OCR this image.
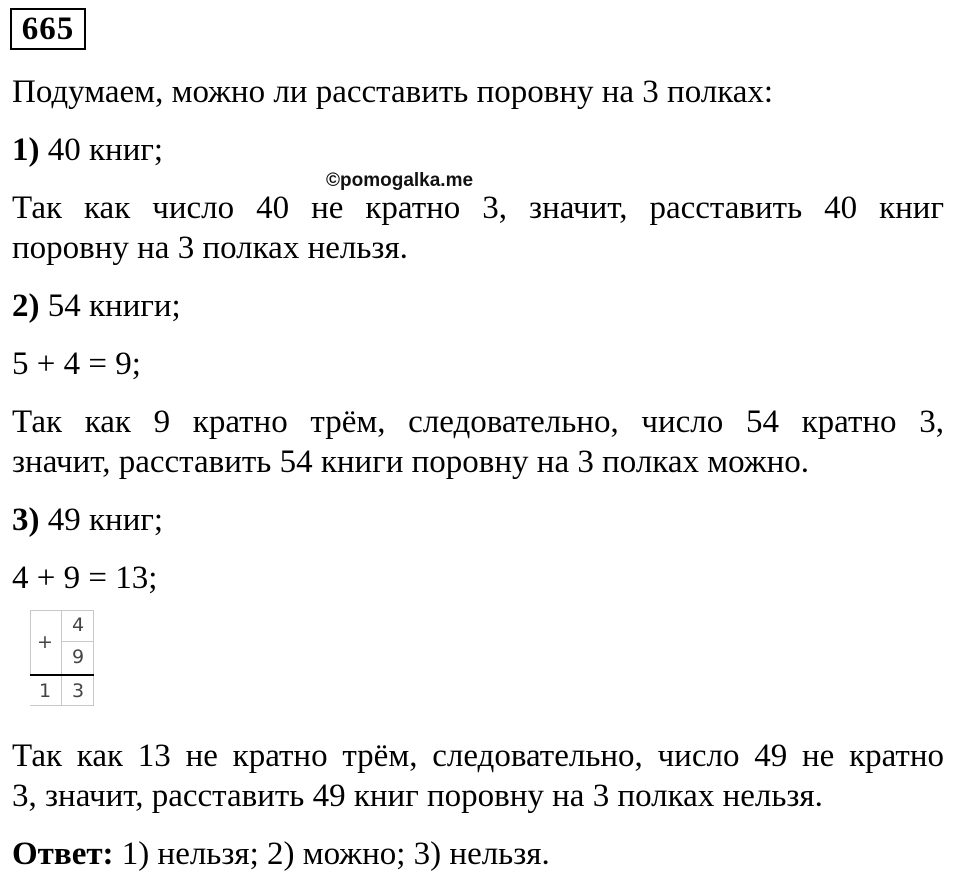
665
Подумаем, можно ли расставить поровну на 3 полках:
1) 40 книг;
©pomogalka.me
Так как число 40 не кратно 3, значит, расставить 40 книг
поровну на 3 полках нельзя.
2) 54 книги;
5 + 4 = 9;
Так как 9 кратно трём, следовательно, число 54 кратно 3,
значит, расставить 54 книги поровну на 3 полках можно.
3) 49 книг;
4 + 9 = 13;
+
4
9
1	3
Так как 13 не кратно трём, следовательно, число 49 не кратно
3, значит, расставить 49 книг поровну на 3 полках нельзя.
Ответ: 1) нельзя; 2) можно; 3) нельзя.
